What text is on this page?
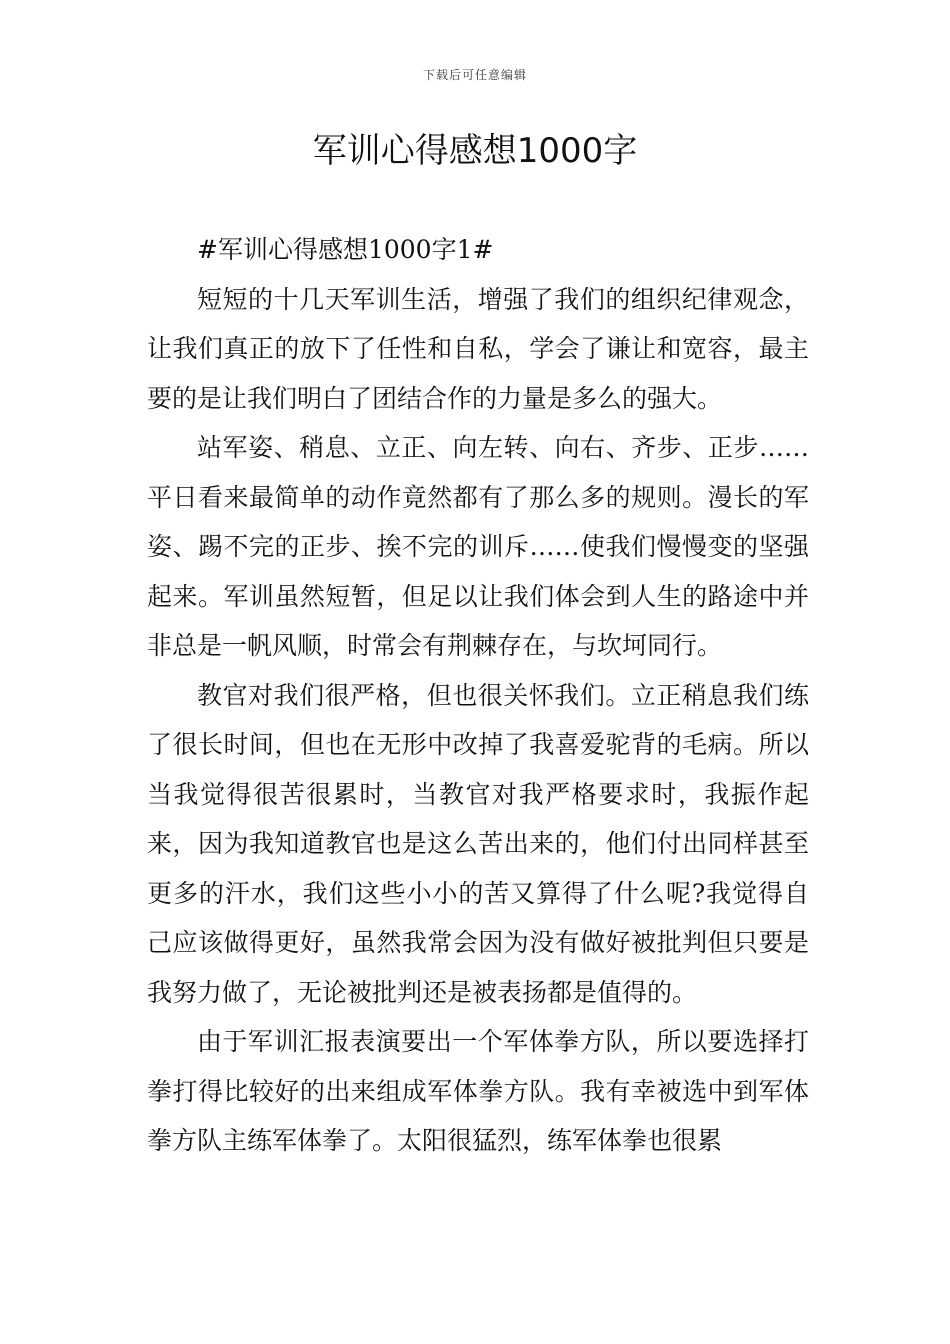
下载后可任意编辑
军训心得感想1000字

#军训心得感想1000字1#

短短的十几天军训生活，增强了我们的组织纪律观念，让我们真正的放下了任性和自私，学会了谦让和宽容，最主要的是让我们明白了团结合作的力量是多么的强大。

站军姿、稍息、立正、向左转、向右、齐步、正步……平日看来最简单的动作竟然都有了那么多的规则。漫长的军姿、踢不完的正步、挨不完的训斥……使我们慢慢变的坚强起来。军训虽然短暂，但足以让我们体会到人生的路途中并非总是一帆风顺，时常会有荆棘存在，与坎坷同行。

教官对我们很严格，但也很关怀我们。立正稍息我们练了很长时间，但也在无形中改掉了我喜爱驼背的毛病。所以当我觉得很苦很累时，当教官对我严格要求时，我振作起来，因为我知道教官也是这么苦出来的，他们付出同样甚至更多的汗水，我们这些小小的苦又算得了什么呢?我觉得自己应该做得更好，虽然我常会因为没有做好被批判但只要是我努力做了，无论被批判还是被表扬都是值得的。

由于军训汇报表演要出一个军体拳方队，所以要选择打拳打得比较好的出来组成军体拳方队。我有幸被选中到军体拳方队主练军体拳了。太阳很猛烈，练军体拳也很累
